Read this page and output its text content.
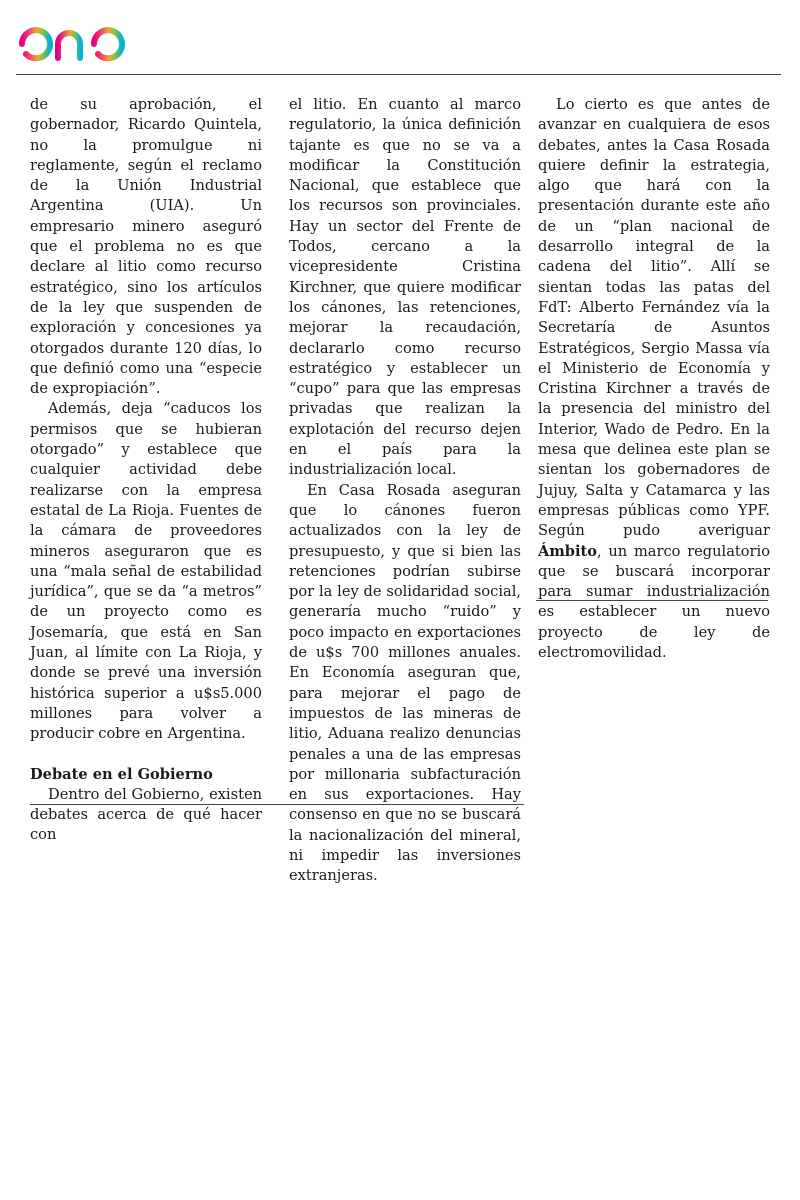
de su aprobación, el gobernador, Ricardo Quintela, no la promulgue ni reglamente, según el reclamo de la Unión Industrial Argentina (UIA). Un empresario minero aseguró que el problema no es que declare al litio como recurso estratégico, sino los artículos de la ley que suspenden de exploración y concesiones ya otorgados durante 120 días, lo que definió como una “especie de expropiación”.

Además, deja “caducos los permisos que se hubieran otorgado” y establece que cualquier actividad debe realizarse con la empresa estatal de La Rioja. Fuentes de la cámara de proveedores mineros aseguraron que es una “mala señal de estabilidad jurídica”, que se da “a metros” de un proyecto como es Josemaría, que está en San Juan, al límite con La Rioja, y donde se prevé una inversión histórica superior a u$s5.000 millones para volver a producir cobre en Argentina.

Debate en el Gobierno

Dentro del Gobierno, existen debates acerca de qué hacer con

el litio. En cuanto al marco regulatorio, la única definición tajante es que no se va a modificar la Constitución Nacional, que establece que los recursos son provinciales. Hay un sector del Frente de Todos, cercano a la vicepresidente Cristina Kirchner, que quiere modificar los cánones, las retenciones, mejorar la recaudación, declararlo como recurso estratégico y establecer un “cupo” para que las empresas privadas que realizan la explotación del recurso dejen en el país para la industrialización local.

En Casa Rosada aseguran que lo cánones fueron actualizados con la ley de presupuesto, y que si bien las retenciones podrían subirse por la ley de solidaridad social, generaría mucho “ruido” y poco impacto en exportaciones de u$s 700 millones anuales. En Economía aseguran que, para mejorar el pago de impuestos de las mineras de litio, Aduana realizo denuncias penales a una de las empresas por millonaria subfacturación en sus exportaciones. Hay consenso en que no se buscará la nacionalización del mineral, ni impedir las inversiones extranjeras.

Lo cierto es que antes de avanzar en cualquiera de esos debates, antes la Casa Rosada quiere definir la estrategia, algo que hará con la presentación durante este año de un “plan nacional de desarrollo integral de la cadena del litio”. Allí se sientan todas las patas del FdT: Alberto Fernández vía la Secretaría de Asuntos Estratégicos, Sergio Massa vía el Ministerio de Economía y Cristina Kirchner a través de la presencia del ministro del Interior, Wado de Pedro. En la mesa que delinea este plan se sientan los gobernadores de Jujuy, Salta y Catamarca y las empresas públicas como YPF. Según pudo averiguar Ámbito, un marco regulatorio que se buscará incorporar para sumar industrialización es establecer un nuevo proyecto de ley de electromovilidad.
